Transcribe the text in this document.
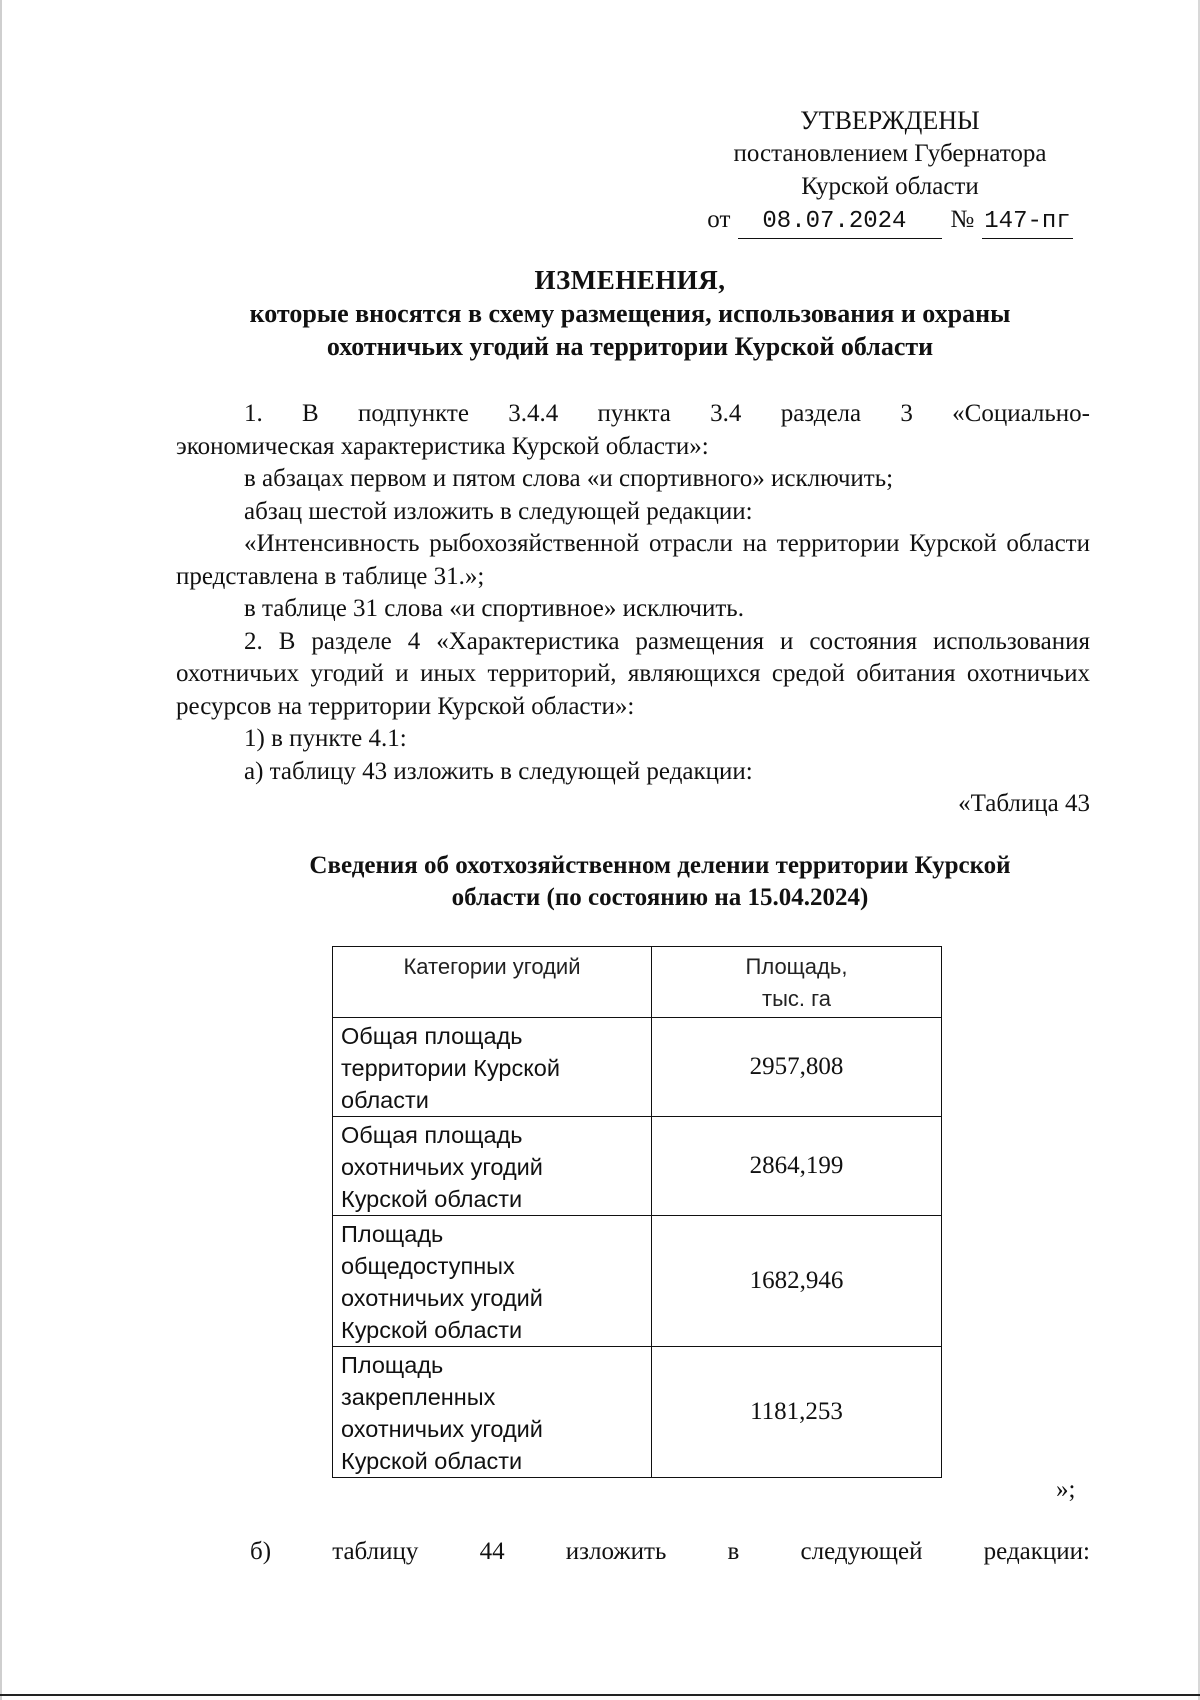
УТВЕРЖДЕНЫ
постановлением Губернатора
Курской области
от	08.07.2024	№ 147-пг
ИЗМЕНЕНИЯ,
которые вносятся в схему размещения, использования и охраны
охотничьих угодий на территории Курской области

1. В подпункте 3.4.4 пункта 3.4 раздела 3 «Социально-

экономическая характеристика Курской области»:

в абзацах первом и пятом слова «и спортивного» исключить;

абзац шестой изложить в следующей редакции:

«Интенсивность рыбохозяйственной отрасли на территории Курской области представлена в таблице 31.»;

в таблице 31 слова «и спортивное» исключить.

2. В разделе 4 «Характеристика размещения и состояния использования охотничьих угодий и иных территорий, являющихся средой обитания охотничьих ресурсов на территории Курской области»:

1) в пункте 4.1:

а) таблицу 43 изложить в следующей редакции:

«Таблица 43

Сведения об охотхозяйственном делении территории Курской
области (по состоянию на 15.04.2024)
Категории угодий	Площадь,
тыс. га

Общая площадь
территории Курской
области	2957,808

Общая площадь
охотничьих угодий
Курской области	2864,199

Площадь
общедоступных
охотничьих угодий
Курской области	1682,946

Площадь
закрепленных
охотничьих угодий
Курской области	1181,253
»;
б) таблицу 44 изложить в следующей редакции:
